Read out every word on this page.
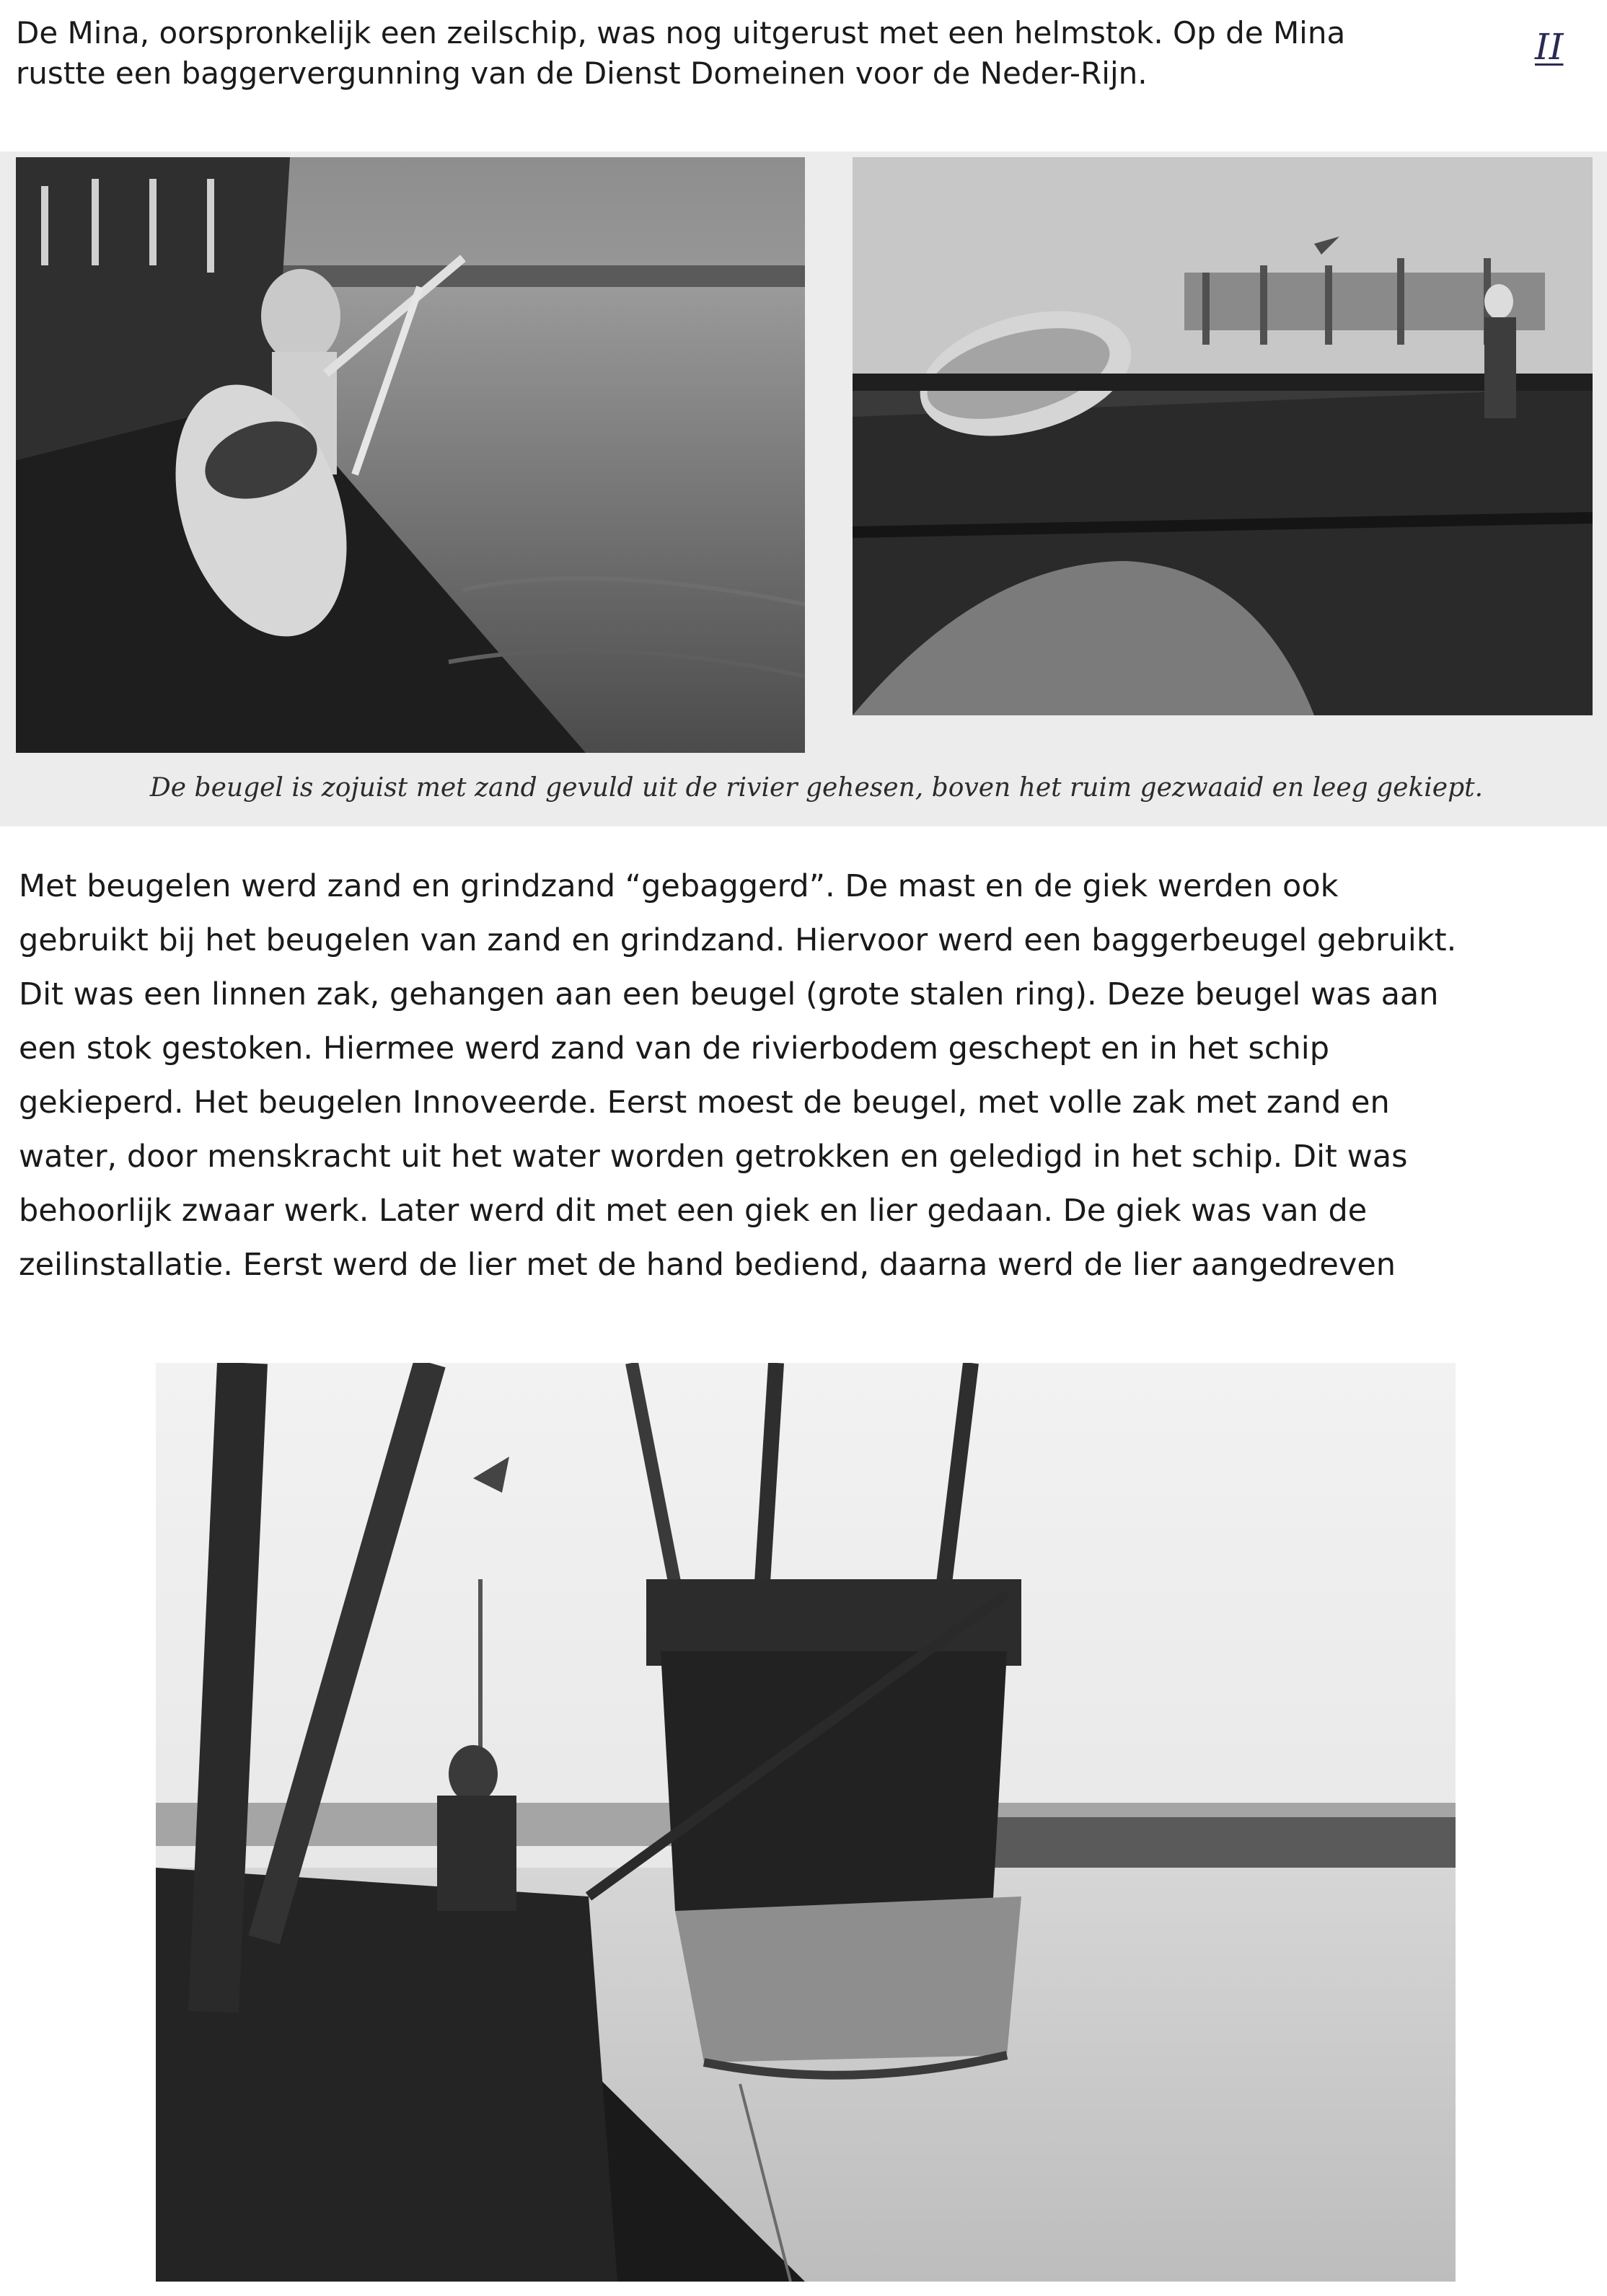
II

De Mina, oorspronkelijk een zeilschip, was nog uitgerust met een helmstok. Op de Mina
rustte een baggervergunning van de Dienst Domeinen voor de Neder-Rijn.

De beugel is zojuist met zand gevuld uit de rivier gehesen, boven het ruim gezwaaid en leeg gekiept.

Met beugelen werd zand en grindzand “gebaggerd”. De mast en de giek werden ook
gebruikt bij het beugelen van zand en grindzand. Hiervoor werd een baggerbeugel gebruikt.
Dit was een linnen zak, gehangen aan een beugel (grote stalen ring). Deze beugel was aan
een stok gestoken. Hiermee werd zand van de rivierbodem geschept en in het schip
gekieperd. Het beugelen Innoveerde. Eerst moest de beugel, met volle zak met zand en
water, door menskracht uit het water worden getrokken en geledigd in het schip. Dit was
behoorlijk zwaar werk. Later werd dit met een giek en lier gedaan. De giek was van de
zeilinstallatie. Eerst werd de lier met de hand bediend, daarna werd de lier aangedreven
